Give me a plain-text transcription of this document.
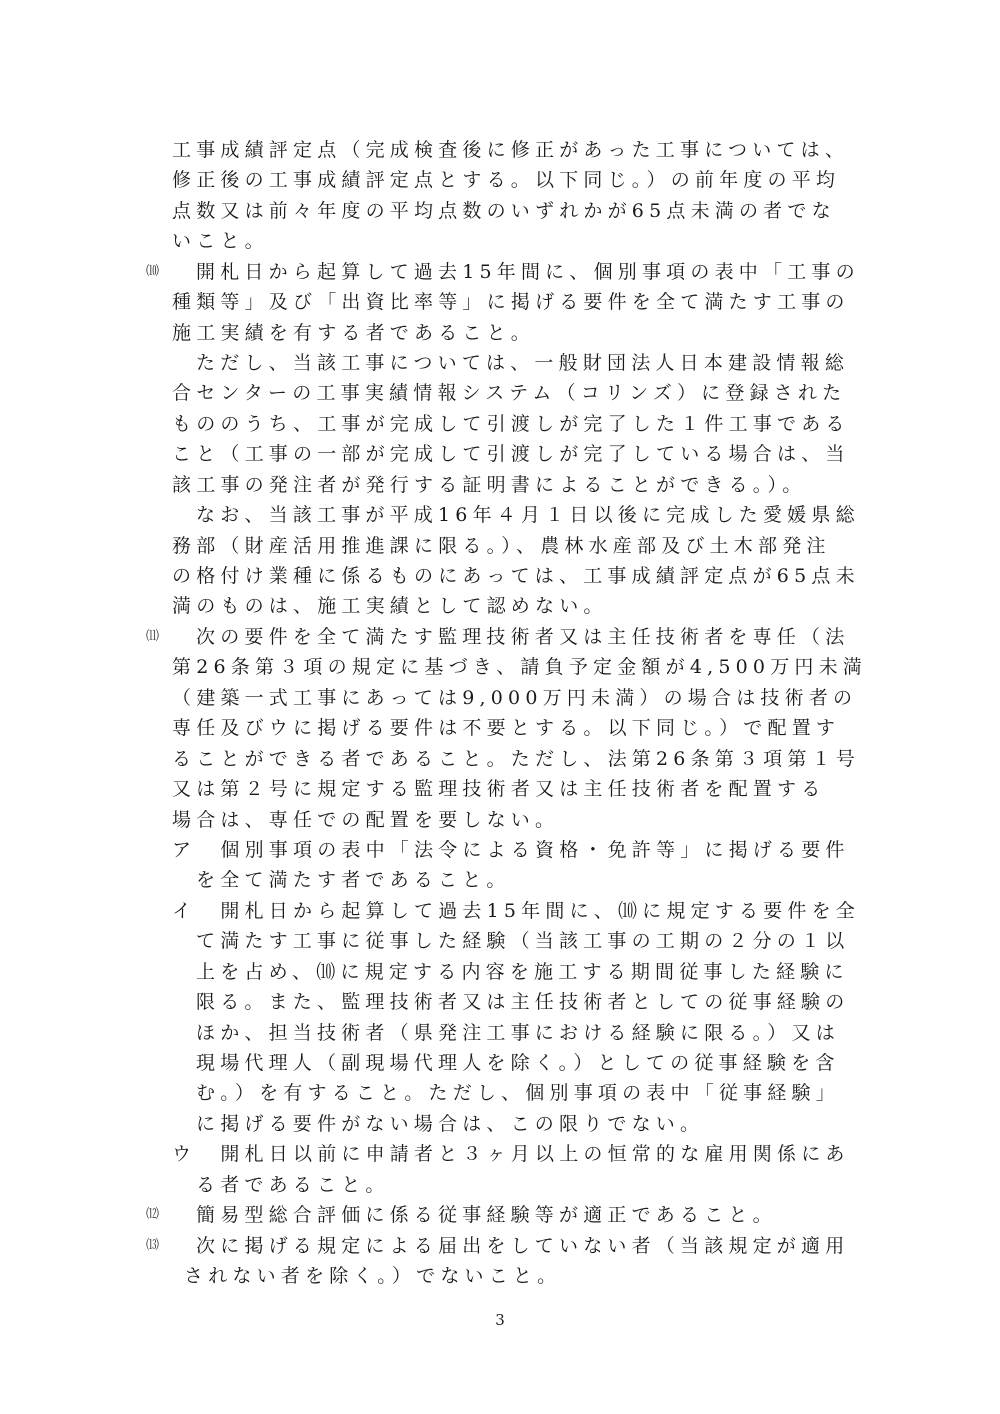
工事成績評定点（完成検査後に修正があった工事については、
修正後の工事成績評定点とする。以下同じ。）の前年度の平均
点数又は前々年度の平均点数のいずれかが65点未満の者でな
いこと。
⑽ 開札日から起算して過去15年間に、個別事項の表中「工事の
種類等」及び「出資比率等」に掲げる要件を全て満たす工事の
施工実績を有する者であること。
ただし、当該工事については、一般財団法人日本建設情報総
合センターの工事実績情報システム（コリンズ）に登録された
もののうち、工事が完成して引渡しが完了した１件工事である
こと（工事の一部が完成して引渡しが完了している場合は、当
該工事の発注者が発行する証明書によることができる。）。
なお、当該工事が平成16年４月１日以後に完成した愛媛県総
務部（財産活用推進課に限る。）、農林水産部及び土木部発注
の格付け業種に係るものにあっては、工事成績評定点が65点未
満のものは、施工実績として認めない。
⑾ 次の要件を全て満たす監理技術者又は主任技術者を専任（法
第26条第３項の規定に基づき、請負予定金額が4,500万円未満
（建築一式工事にあっては9,000万円未満）の場合は技術者の
専任及びウに掲げる要件は不要とする。以下同じ。）で配置す
ることができる者であること。ただし、法第26条第３項第１号
又は第２号に規定する監理技術者又は主任技術者を配置する
場合は、専任での配置を要しない。
ア　個別事項の表中「法令による資格・免許等」に掲げる要件
を全て満たす者であること。
イ　開札日から起算して過去15年間に、⑽に規定する要件を全
て満たす工事に従事した経験（当該工事の工期の２分の１以
上を占め、⑽に規定する内容を施工する期間従事した経験に
限る。また、監理技術者又は主任技術者としての従事経験の
ほか、担当技術者（県発注工事における経験に限る。）又は
現場代理人（副現場代理人を除く。）としての従事経験を含
む。）を有すること。ただし、個別事項の表中「従事経験」
に掲げる要件がない場合は、この限りでない。
ウ　開札日以前に申請者と３ヶ月以上の恒常的な雇用関係にあ
る者であること。
⑿ 簡易型総合評価に係る従事経験等が適正であること。
⒀ 次に掲げる規定による届出をしていない者（当該規定が適用
されない者を除く。）でないこと。
3
